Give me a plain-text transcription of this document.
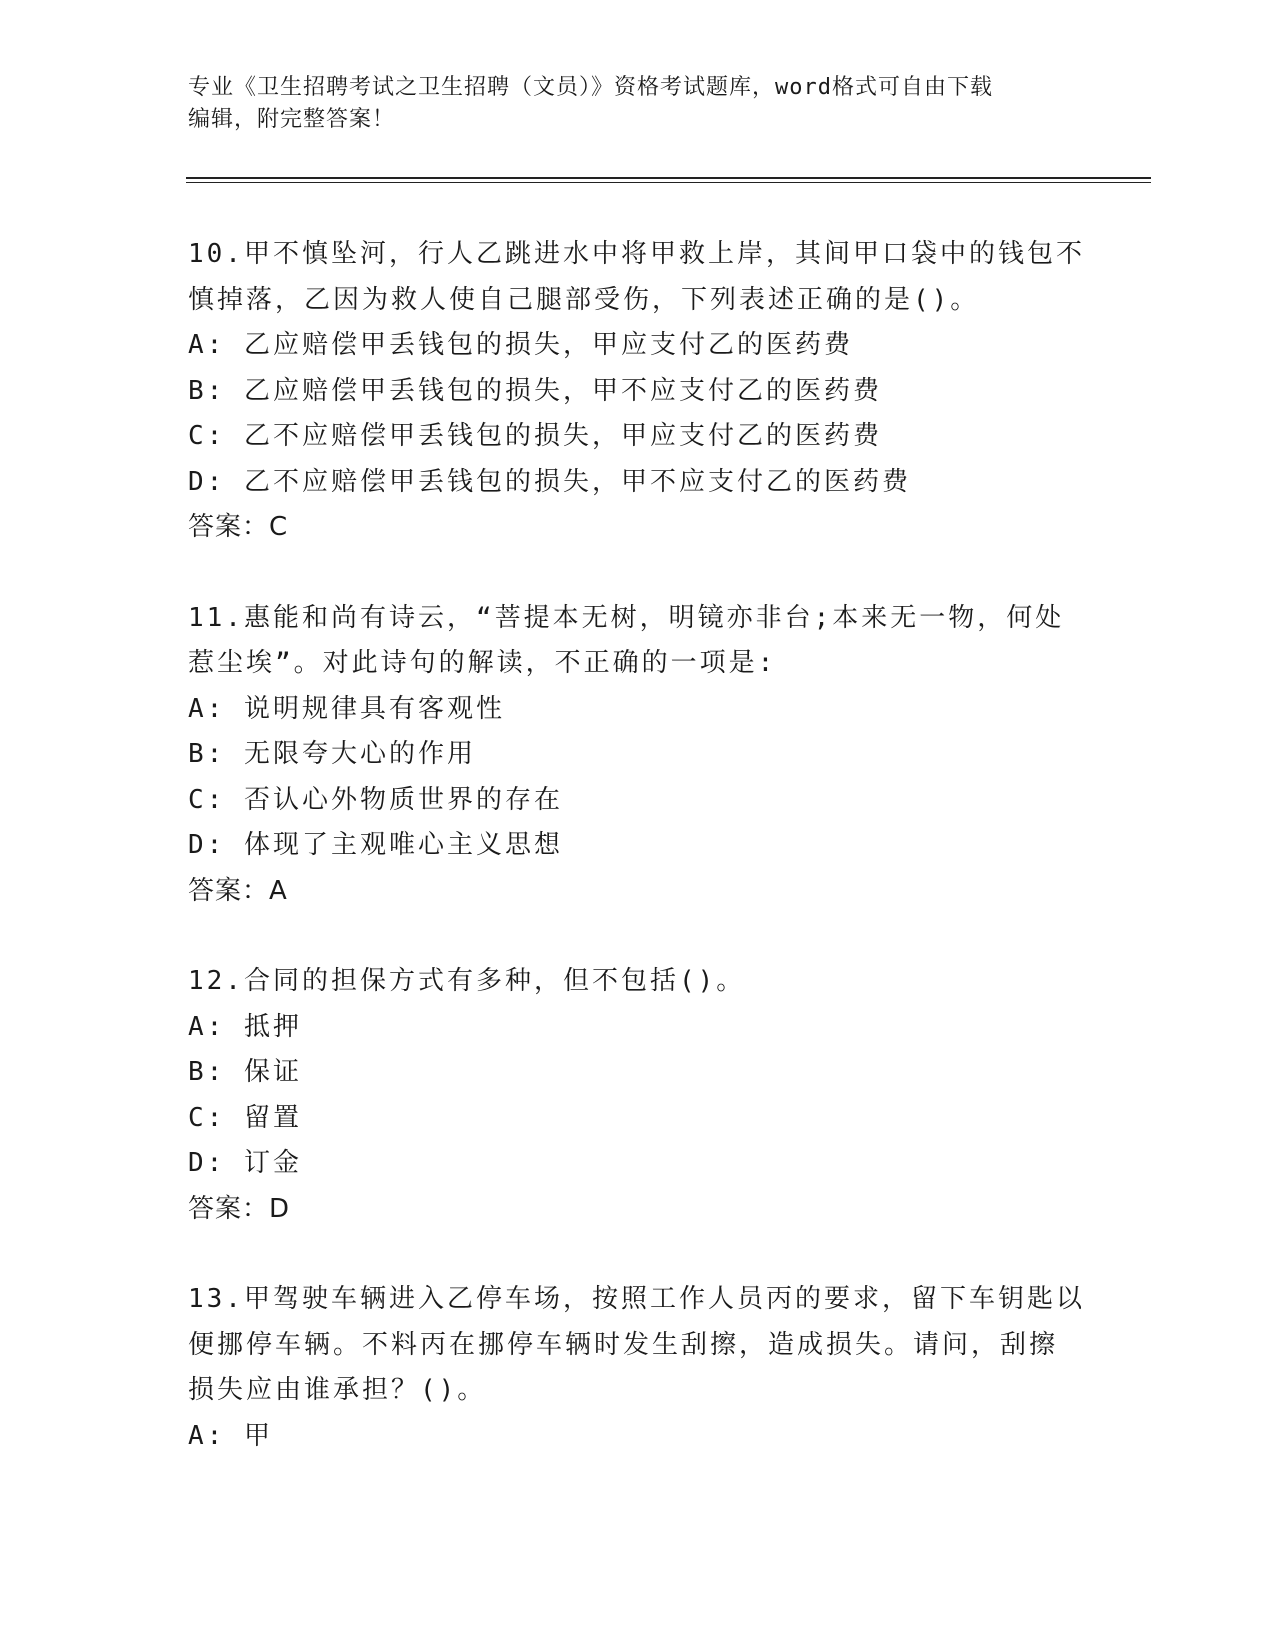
专业《卫生招聘考试之卫生招聘（文员）》资格考试题库，word格式可自由下载
编辑，附完整答案！
10.甲不慎坠河，行人乙跳进水中将甲救上岸，其间甲口袋中的钱包不
慎掉落，乙因为救人使自己腿部受伤，下列表述正确的是()。
A: 乙应赔偿甲丢钱包的损失，甲应支付乙的医药费
B: 乙应赔偿甲丢钱包的损失，甲不应支付乙的医药费
C: 乙不应赔偿甲丢钱包的损失，甲应支付乙的医药费
D: 乙不应赔偿甲丢钱包的损失，甲不应支付乙的医药费
答案：C
11.惠能和尚有诗云，“菩提本无树，明镜亦非台;本来无一物，何处
惹尘埃”。对此诗句的解读，不正确的一项是:
A: 说明规律具有客观性
B: 无限夸大心的作用
C: 否认心外物质世界的存在
D: 体现了主观唯心主义思想
答案：A
12.合同的担保方式有多种，但不包括()。
A: 抵押
B: 保证
C: 留置
D: 订金
答案：D
13.甲驾驶车辆进入乙停车场，按照工作人员丙的要求，留下车钥匙以
便挪停车辆。不料丙在挪停车辆时发生刮擦，造成损失。请问，刮擦
损失应由谁承担？()。
A: 甲
